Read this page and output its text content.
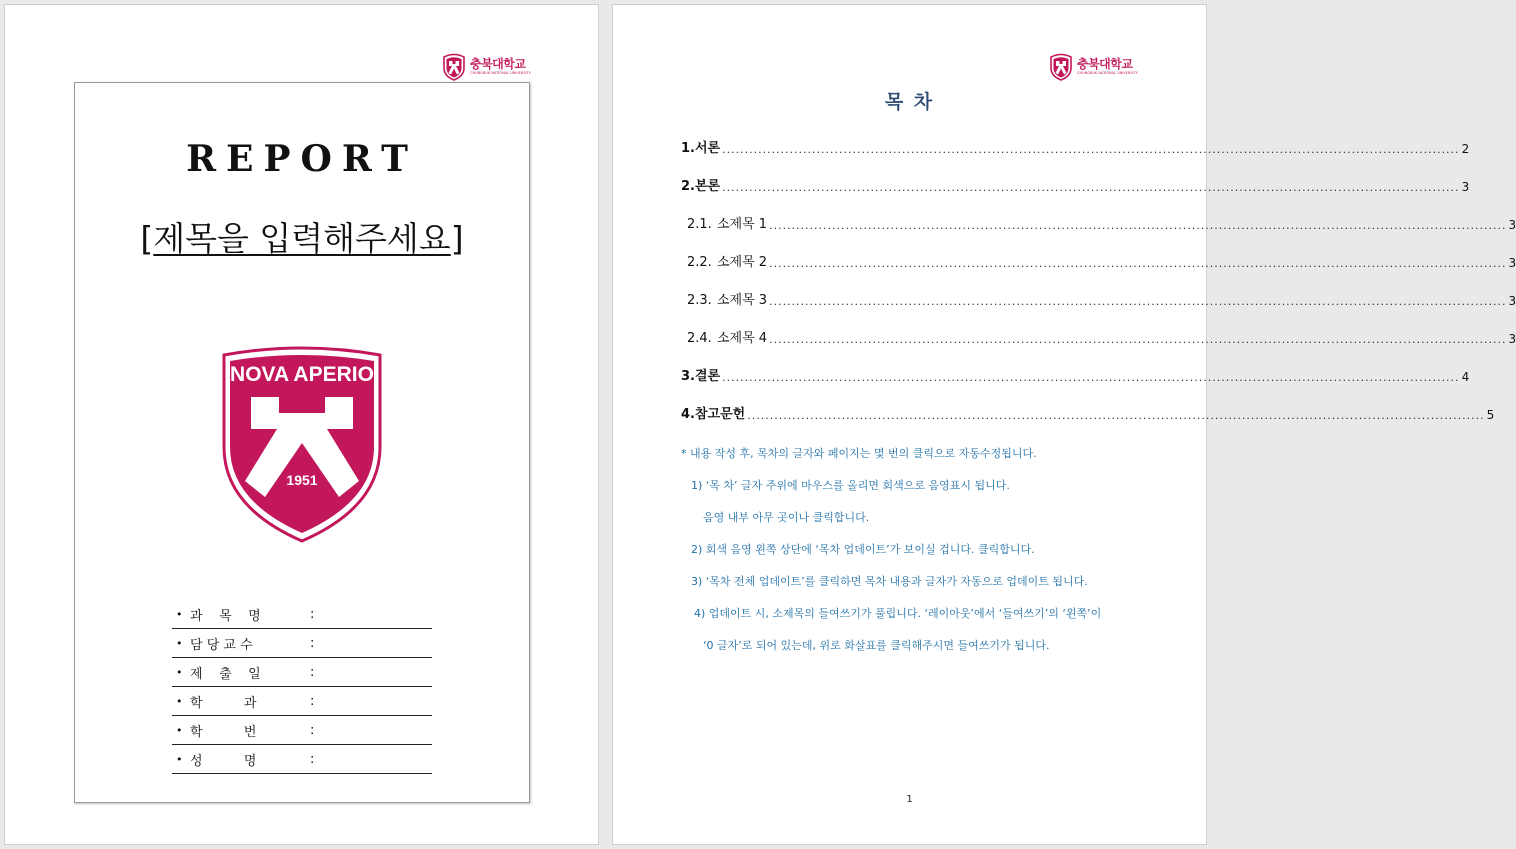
충북대학교
CHUNGBUK NATIONAL UNIVERSITY
REPORT
[제목을 입력해주세요]
NOVA APERIO
1951
• 과    목    명	:
• 담 당 교 수	:
• 제    출    일	:
• 학          과	:
• 학          번	:
• 성          명	:
충북대학교
CHUNGBUK NATIONAL UNIVERSITY
목 차
1. 서론 .................................................................................................................................................................... 2
2. 본론 .................................................................................................................................................................... 3
2.1. 소제목 1 .................................................................................................................................................................... 3
2.2. 소제목 2 .................................................................................................................................................................... 3
2.3. 소제목 3 .................................................................................................................................................................... 3
2.4. 소제목 4 .................................................................................................................................................................... 3
3. 결론 .................................................................................................................................................................... 4
4. 참고문헌 .................................................................................................................................................................... 5
* 내용 작성 후, 목차의 글자와 페이지는 몇 번의 클릭으로 자동수정됩니다.
1) ‘목 차’ 글자 주위에 마우스를 올리면 회색으로 음영표시 됩니다.
음영 내부 아무 곳이나 클릭합니다.
2) 회색 음영 왼쪽 상단에 ‘목차 업데이트’가 보이실 겁니다. 클릭합니다.
3) ‘목차 전체 업데이트’를 클릭하면 목차 내용과 글자가 자동으로 업데이트 됩니다.
4) 업데이트 시, 소제목의 들여쓰기가 풀립니다. ‘레이아웃’에서 ‘들여쓰기’의 ‘왼쪽’이
‘0 글자’로 되어 있는데, 위로 화살표를 클릭해주시면 들여쓰기가 됩니다.
1
